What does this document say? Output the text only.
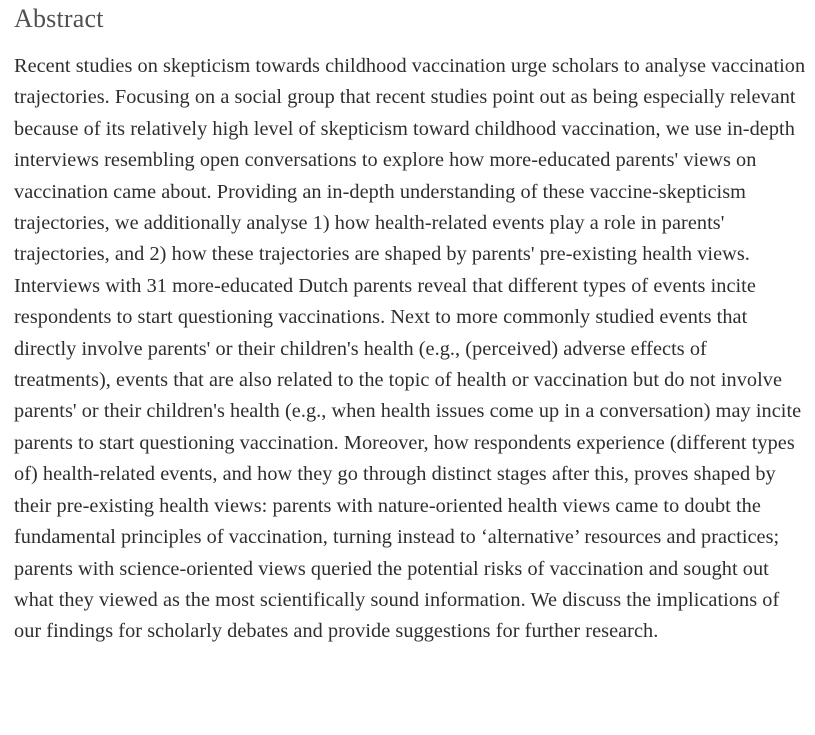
Abstract

Recent studies on skepticism towards childhood vaccination urge scholars to analyse vaccination trajectories. Focusing on a social group that recent studies point out as being especially relevant because of its relatively high level of skepticism toward childhood vaccination, we use in-depth interviews resembling open conversations to explore how more-educated parents' views on vaccination came about. Providing an in-depth understanding of these vaccine-skepticism trajectories, we additionally analyse 1) how health-related events play a role in parents' trajectories, and 2) how these trajectories are shaped by parents' pre-existing health views. Interviews with 31 more-educated Dutch parents reveal that different types of events incite respondents to start questioning vaccinations. Next to more commonly studied events that directly involve parents' or their children's health (e.g., (perceived) adverse effects of treatments), events that are also related to the topic of health or vaccination but do not involve parents' or their children's health (e.g., when health issues come up in a conversation) may incite parents to start questioning vaccination. Moreover, how respondents experience (different types of) health-related events, and how they go through distinct stages after this, proves shaped by their pre-existing health views: parents with nature-oriented health views came to doubt the fundamental principles of vaccination, turning instead to ‘alternative’ resources and practices; parents with science-oriented views queried the potential risks of vaccination and sought out what they viewed as the most scientifically sound information. We discuss the implications of our findings for scholarly debates and provide suggestions for further research.
